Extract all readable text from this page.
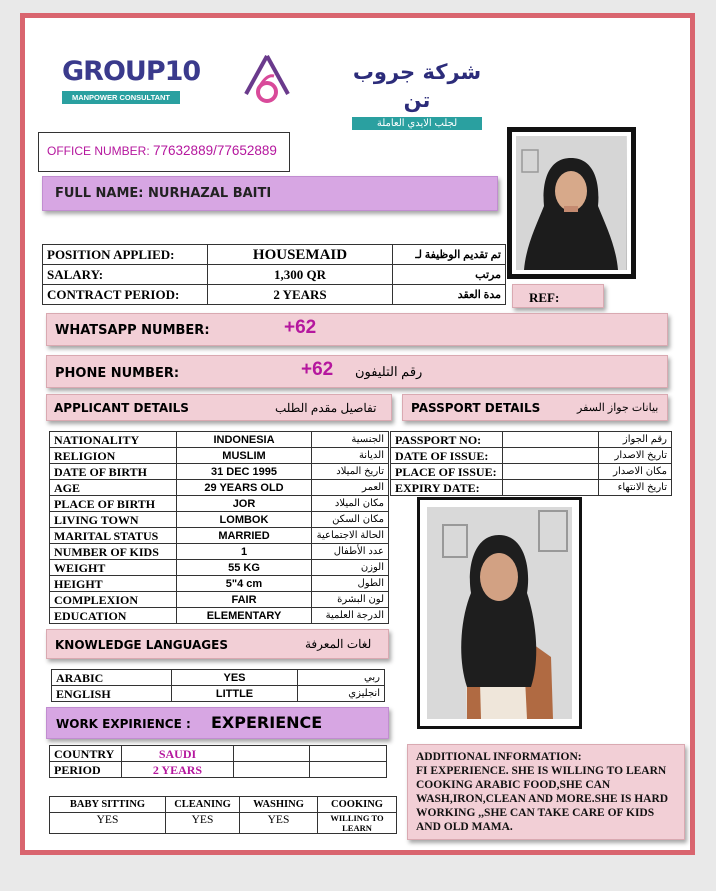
GROUP10
MANPOWER CONSULTANT
شركة جروب تن
لجلب الايدي العاملة
OFFICE NUMBER: 77632889/77652889
FULL NAME: NURHAZAL BAITI
POSITION APPLIED:	HOUSEMAID	تم تقديم الوظيفة لـ
SALARY:	1,300 QR	مرتب
CONTRACT PERIOD:	2 YEARS	مدة العقد	REF:
WHATSAPP NUMBER:	+62
PHONE NUMBER:	+62 رقم التليفون
APPLICANT DETAILS	تفاصيل مقدم الطلب	PASSPORT DETAILS	بيانات جواز السفر
NATIONALITY	INDONESIA	الجنسية
RELIGION	MUSLIM	الديانة
DATE OF BIRTH	31 DEC 1995	تاريخ الميلاد
AGE	29 YEARS OLD	العمر
PLACE OF BIRTH	JOR	مكان الميلاد
LIVING TOWN	LOMBOK	مكان السكن
MARITAL STATUS	MARRIED	الحالة الاجتماعية
NUMBER OF KIDS	1	عدد الأطفال
WEIGHT	55 KG	الوزن
HEIGHT	5"4 cm	الطول
COMPLEXION	FAIR	لون البشرة
EDUCATION	ELEMENTARY	الدرجة العلمية
PASSPORT NO:		رقم الجواز
DATE OF ISSUE:		تاريخ الاصدار
PLACE OF ISSUE:		مكان الاصدار
EXPIRY DATE:		تاريخ الانتهاء
KNOWLEDGE LANGUAGES	لغات المعرفة
ARABIC	YES	ربي
ENGLISH	LITTLE	انجليزي
WORK EXPIRIENCE : EXPERIENCE
COUNTRY	SAUDI		
PERIOD	2 YEARS		
BABY SITTING	CLEANING	WASHING	COOKING
YES	YES	YES	WILLING TO LEARN
ADDITIONAL INFORMATION:
FI EXPERIENCE. SHE IS WILLING TO LEARN COOKING ARABIC FOOD,SHE CAN WASH,IRON,CLEAN AND MORE.SHE IS HARD WORKING ,,SHE CAN TAKE CARE OF KIDS AND OLD MAMA.
